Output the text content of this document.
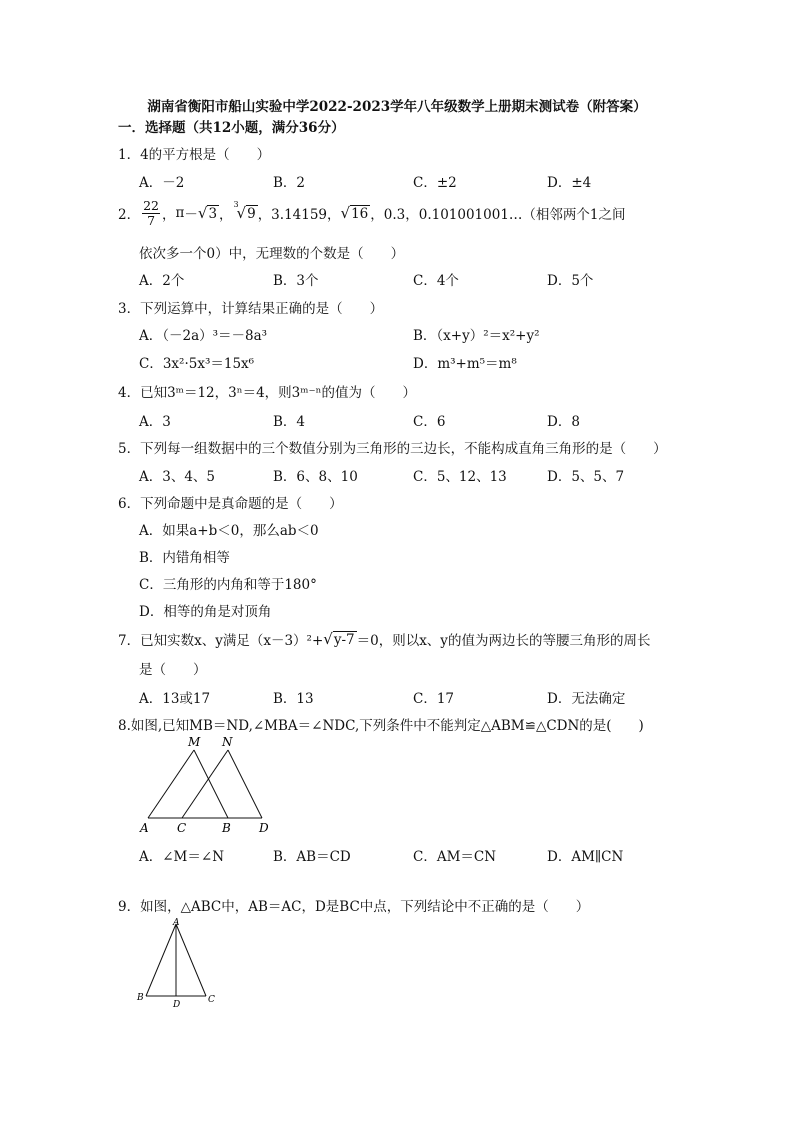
湖南省衡阳市船山实验中学2022-2023学年八年级数学上册期末测试卷（附答案）
一．选择题（共12小题，满分36分）
1．4的平方根是（　　）
A．－2	B．2	C．±2	D．±4
2． $\frac{22}{7}$ ， π － √3 ，
3
√9 ，3.14159， √16 ，0.3，0.101001001…（相邻两个1之间
依次多一个0）中，无理数的个数是（　　）
A．2个	B．3个	C．4个	D．5个
3．下列运算中，计算结果正确的是（　　）
A．（－2a）³＝－8a³	B．（x+y）²＝x²+y²
C．3x²·5x³＝15x⁶	D．m³+m⁵＝m⁸
4．已知3ᵐ＝12，3ⁿ＝4，则3ᵐ⁻ⁿ的值为（　　）
A．3	B．4	C．6	D．8
5．下列每一组数据中的三个数值分别为三角形的三边长，不能构成直角三角形的是（　　）
A．3、4、5	B．6、8、10	C．5、12、13	D．5、5、7
6．下列命题中是真命题的是（　　）
A．如果a+b＜0，那么ab＜0
B．内错角相等
C．三角形的内角和等于180°
D．相等的角是对顶角
7．已知实数x、y满足（x－3）²+ √y-7 ＝0，则以x、y的值为两边长的等腰三角形的周长
是（　　）
A．13或17	B．13	C．17	D．无法确定
8.如图,已知MB＝ND,∠MBA＝∠NDC,下列条件中不能判定△ABM≌△CDN的是(　　)
M N
A C	B D
A．∠M＝∠N	B．AB＝CD	C．AM＝CN	D．AM∥CN
9．如图，△ABC中，AB＝AC，D是BC中点，下列结论中不正确的是（　　）
A
B
D	C
